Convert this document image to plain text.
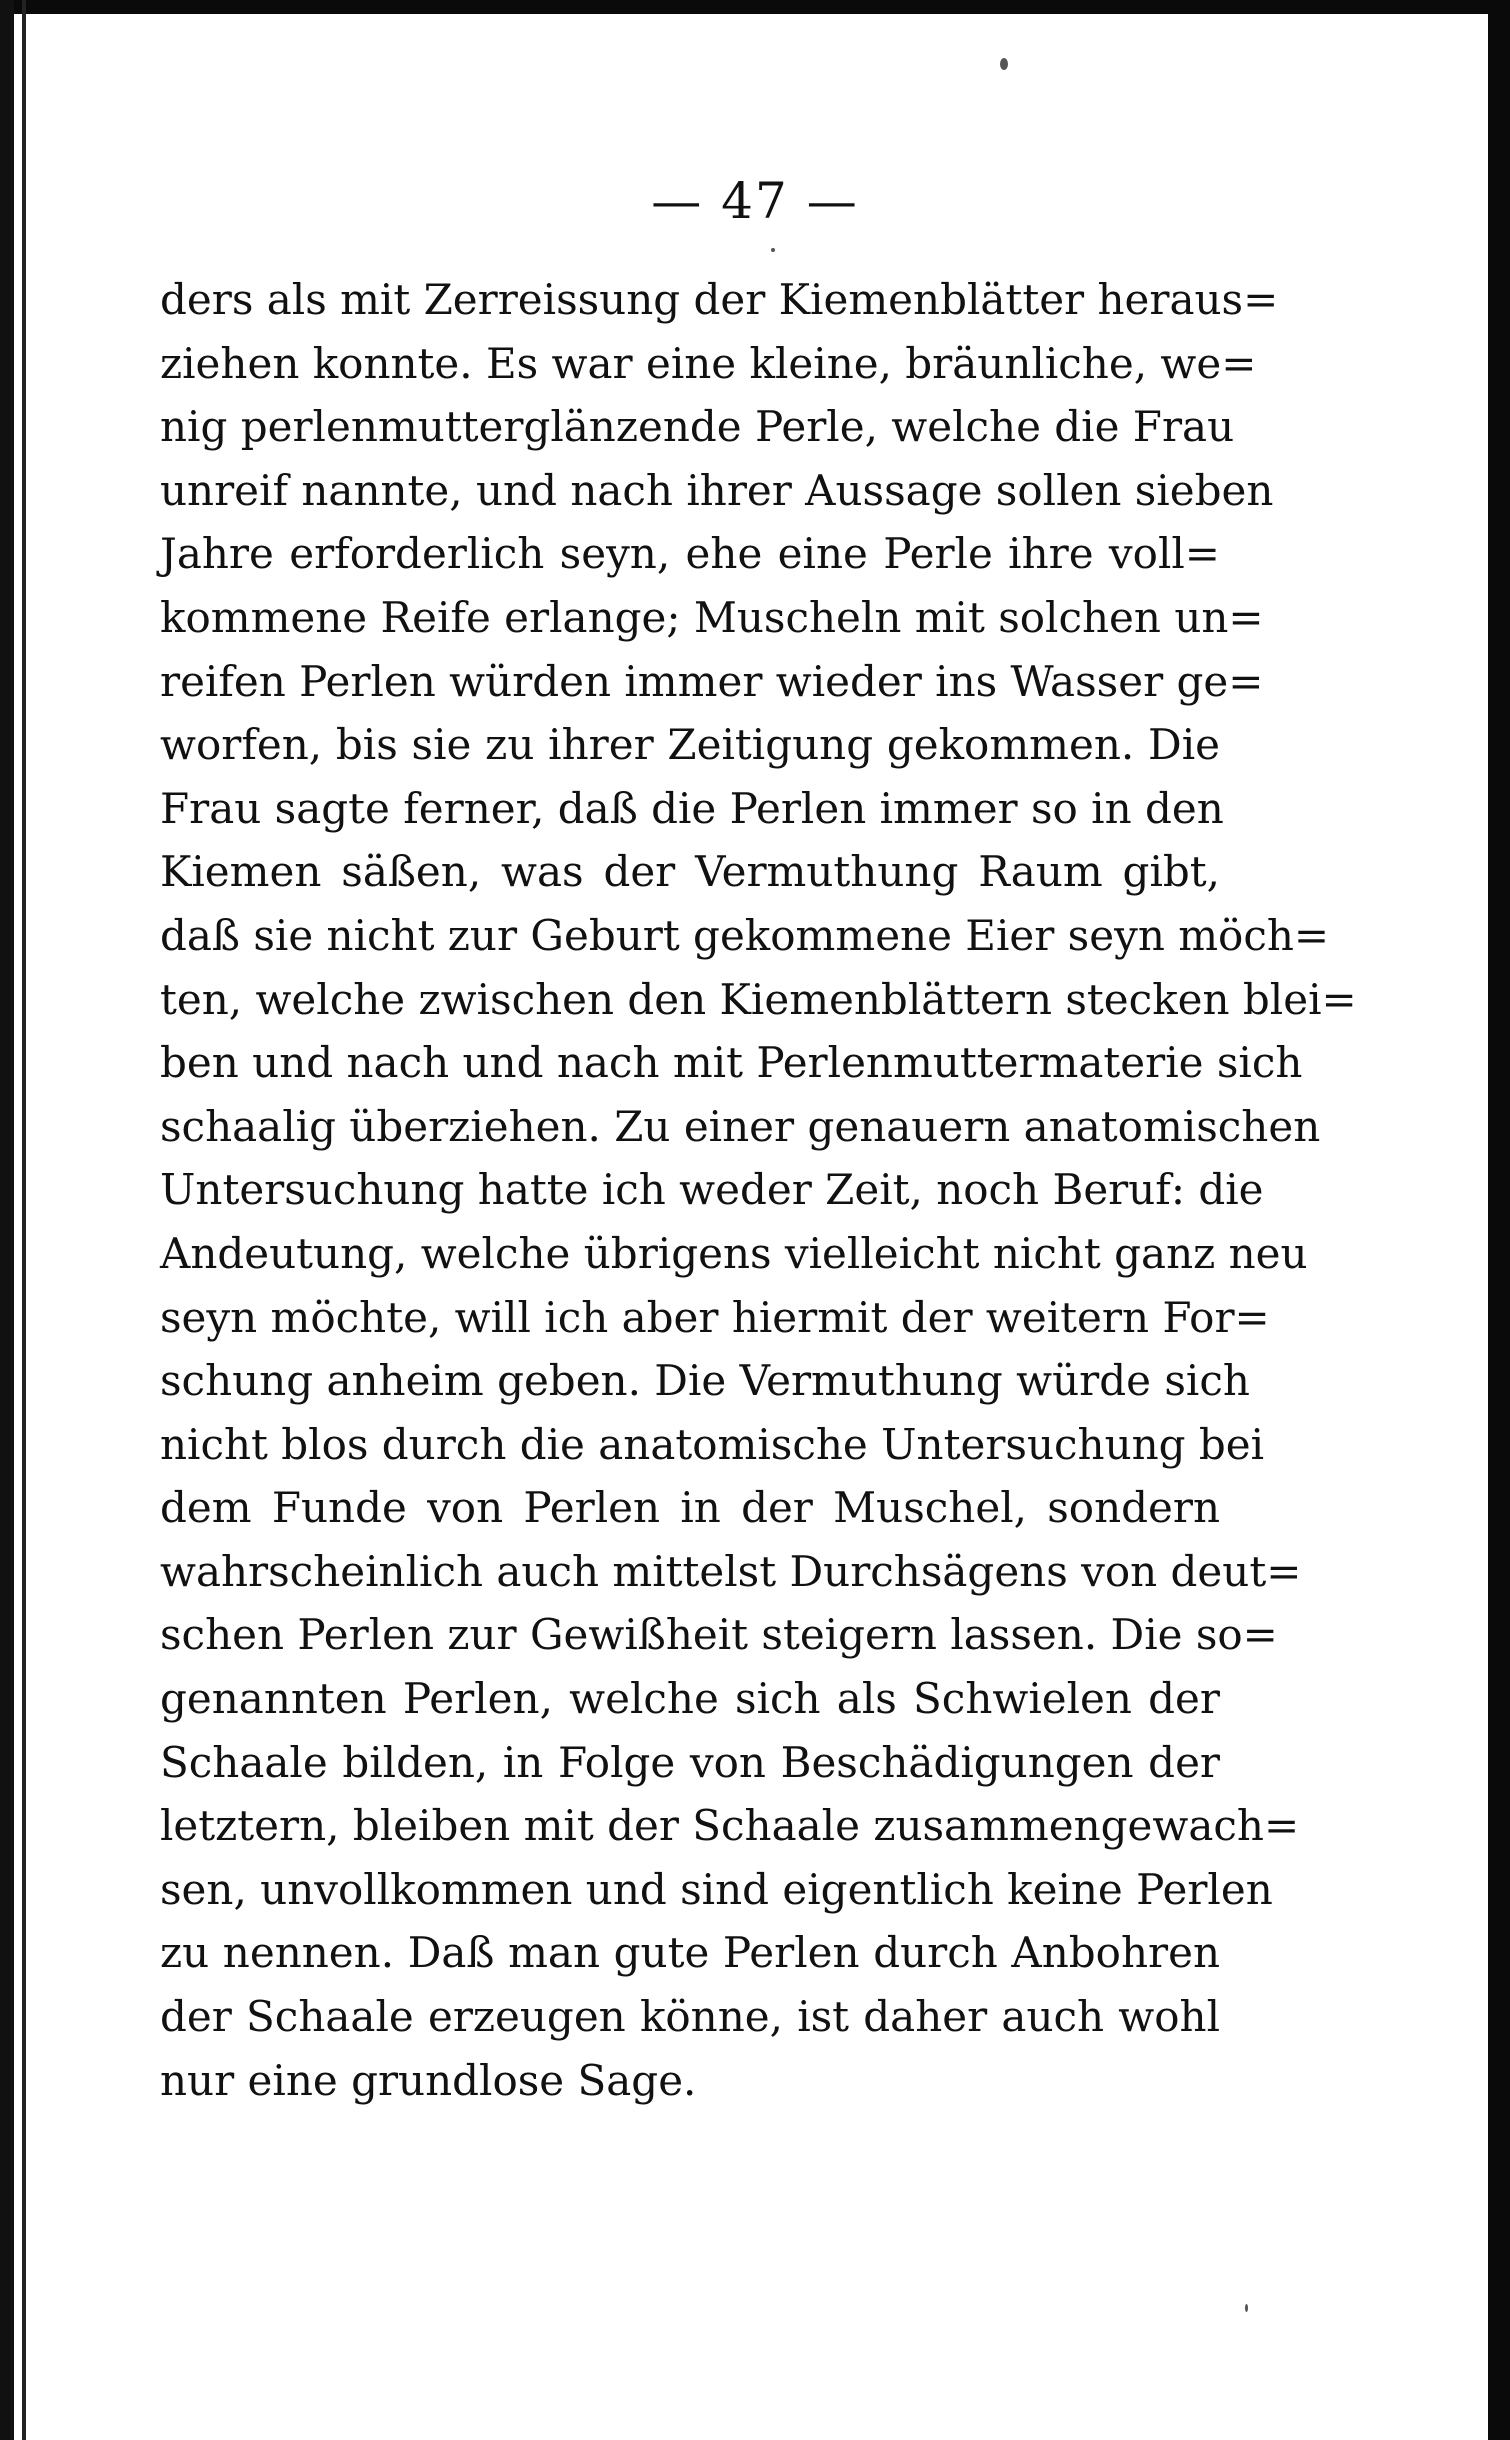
— 47 —
ders als mit Zerreissung der Kiemenblätter heraus=
ziehen konnte. Es war eine kleine, bräunliche, we=
nig perlenmutterglänzende Perle, welche die Frau
unreif nannte, und nach ihrer Aussage sollen sieben
Jahre erforderlich seyn, ehe eine Perle ihre voll=
kommene Reife erlange; Muscheln mit solchen un=
reifen Perlen würden immer wieder ins Wasser ge=
worfen, bis sie zu ihrer Zeitigung gekommen. Die
Frau sagte ferner, daß die Perlen immer so in den
Kiemen säßen, was der Vermuthung Raum gibt,
daß sie nicht zur Geburt gekommene Eier seyn möch=
ten, welche zwischen den Kiemenblättern stecken blei=
ben und nach und nach mit Perlenmuttermaterie sich
schaalig überziehen. Zu einer genauern anatomischen
Untersuchung hatte ich weder Zeit, noch Beruf: die
Andeutung, welche übrigens vielleicht nicht ganz neu
seyn möchte, will ich aber hiermit der weitern For=
schung anheim geben. Die Vermuthung würde sich
nicht blos durch die anatomische Untersuchung bei
dem Funde von Perlen in der Muschel, sondern
wahrscheinlich auch mittelst Durchsägens von deut=
schen Perlen zur Gewißheit steigern lassen. Die so=
genannten Perlen, welche sich als Schwielen der
Schaale bilden, in Folge von Beschädigungen der
letztern, bleiben mit der Schaale zusammengewach=
sen, unvollkommen und sind eigentlich keine Perlen
zu nennen. Daß man gute Perlen durch Anbohren
der Schaale erzeugen könne, ist daher auch wohl
nur eine grundlose Sage.
